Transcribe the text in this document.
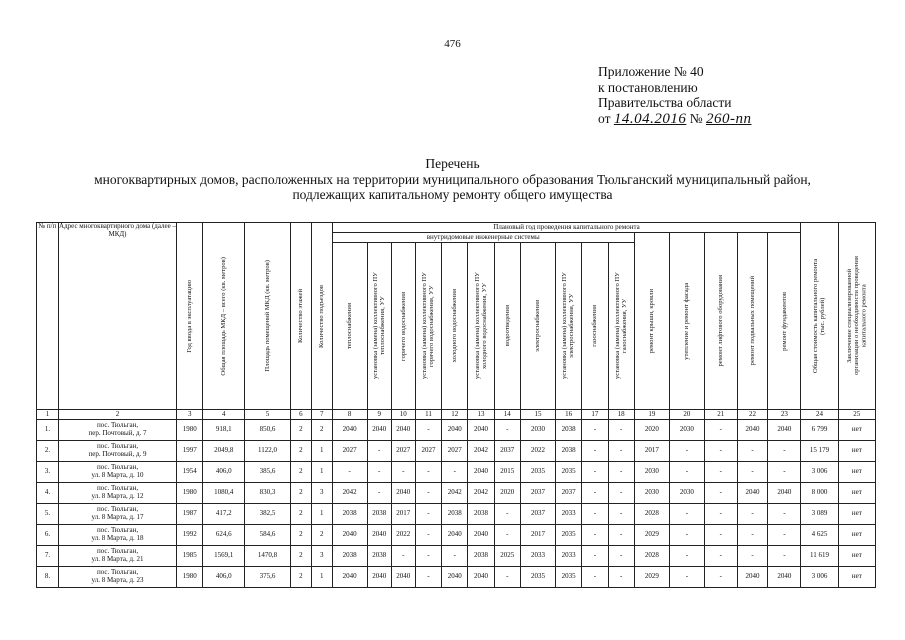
476
Приложение № 40
к постановлению
Правительства области
от 14.04.2016 № 260-пп
Перечень
многоквартирных домов, расположенных на территории муниципального образования Тюльганский муниципальный район,
подлежащих капитальному ремонту общего имущества
№ п/п	Адрес многоквартирного дома (далее – МКД)	Год ввода в эксплуатацию	Общая площадь МКД – всего (кв. метров)	Площадь помещений МКД (кв. метров)	Количество этажей	Количество подъездов	Плановый год проведения капитального ремонта																Общая стоимость капитального ремонта (тыс. рублей)	Заключение специализированной организации о необходимости проведения капитального ремонта

							внутридомовые инженерные системы											ремонт крыши, кровли	утепление и ремонт фасада	ремонт лифтового оборудования	ремонт подвальных помещений	ремонт фундаментов		

							теплоснабжения	установка (замена) коллективного ПУ теплоснабжения, УУ	горячего водоснабжения	установка (замена) коллективного ПУ горячего водоснабжения, УУ	холодного водоснабжения	установка (замена) коллективного ПУ холодного водоснабжения, УУ	водоотведения	электроснабжения	установка (замена) коллективного ПУ электроснабжения, УУ	газоснабжения	установка (замена) коллективного ПУ газоснабжения, УУ							

1	2	3	4	5	6	7	8	9	10	11	12	13	14	15	16	17	18	19	20	21	22	23	24	25
1.	пос. Тюльган,
пер. Почтовый, д. 7	1980	918,1	850,6	2	2	2040	2040	2040	-	2040	2040	-	2030	2038	-	-	2020	2030	-	2040	2040	6 799	нет
2.	пос. Тюльган,
пер. Почтовый, д. 9	1997	2049,8	1122,0	2	1	2027	-	2027	2027	2027	2042	2037	2022	2038	-	-	2017	-	-	-	-	15 179	нет
3.	пос. Тюльган,
ул. 8 Марта, д. 10	1954	406,0	385,6	2	1	-	-	-	-	-	2040	2015	2035	2035	-	-	2030	-	-	-	-	3 006	нет
4.	пос. Тюльган,
ул. 8 Марта, д. 12	1980	1080,4	830,3	2	3	2042	-	2040	-	2042	2042	2020	2037	2037	-	-	2030	2030	-	2040	2040	8 000	нет
5.	пос. Тюльган,
ул. 8 Марта, д. 17	1987	417,2	382,5	2	1	2038	2038	2017	-	2038	2038	-	2037	2033	-	-	2028	-	-	-	-	3 089	нет
6.	пос. Тюльган,
ул. 8 Марта, д. 18	1992	624,6	584,6	2	2	2040	2040	2022	-	2040	2040	-	2017	2035	-	-	2029	-	-	-	-	4 625	нет
7.	пос. Тюльган,
ул. 8 Марта, д. 21	1985	1569,1	1470,8	2	3	2038	2038	-	-	-	2038	2025	2033	2033	-	-	2028	-	-	-	-	11 619	нет
8.	пос. Тюльган,
ул. 8 Марта, д. 23	1980	406,0	375,6	2	1	2040	2040	2040	-	2040	2040	-	2035	2035	-	-	2029	-	-	2040	2040	3 006	нет
